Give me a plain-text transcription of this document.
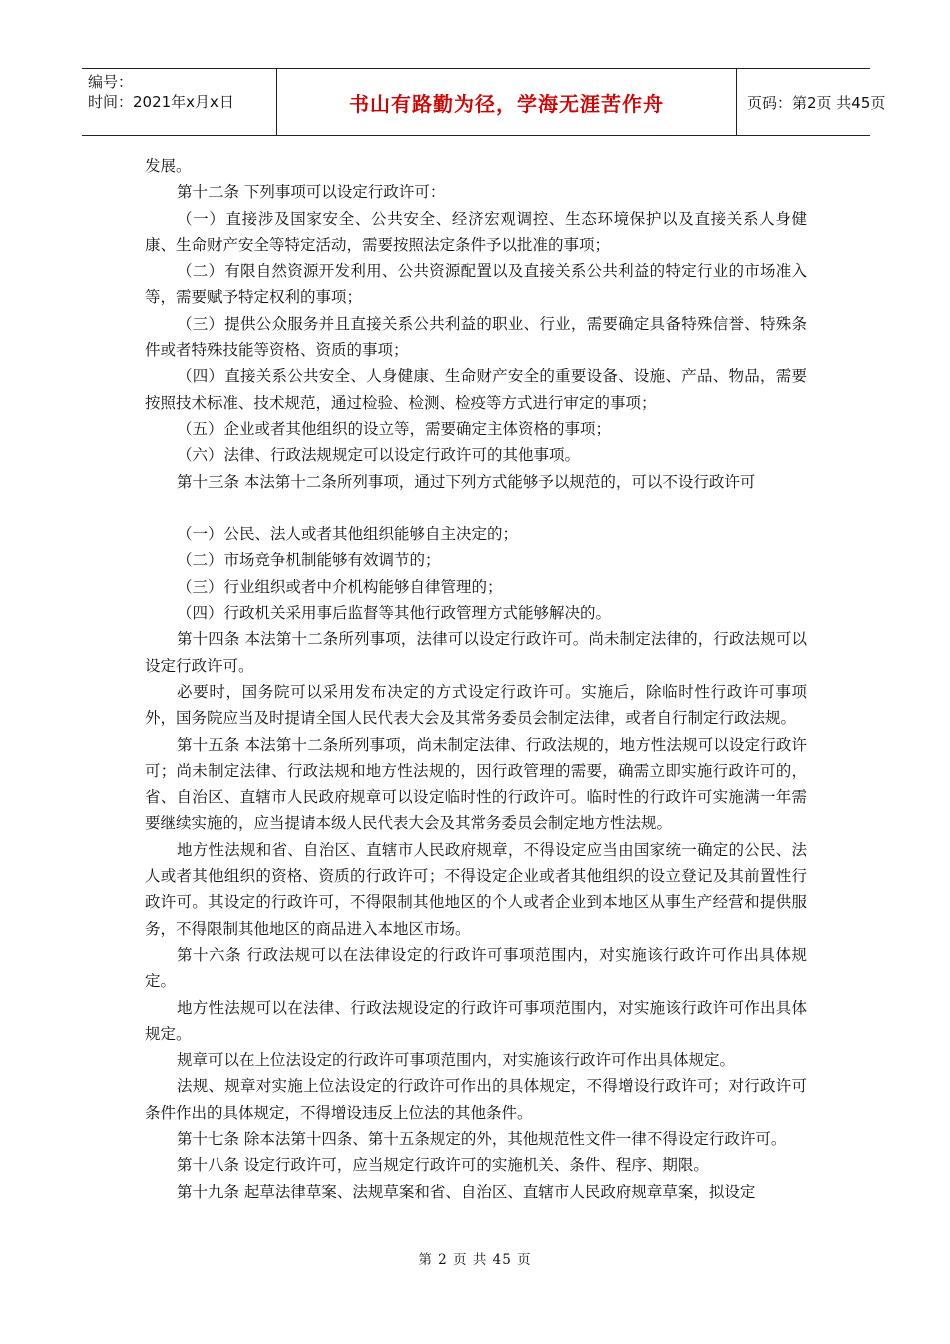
编号：
时间：2021年x月x日	书山有路勤为径，学海无涯苦作舟	页码：第2页 共45页

发展。

第十二条 下列事项可以设定行政许可：

（一）直接涉及国家安全、公共安全、经济宏观调控、生态环境保护以及直接关系人身健康、生命财产安全等特定活动，需要按照法定条件予以批准的事项；

（二）有限自然资源开发利用、公共资源配置以及直接关系公共利益的特定行业的市场准入等，需要赋予特定权利的事项；

（三）提供公众服务并且直接关系公共利益的职业、行业，需要确定具备特殊信誉、特殊条件或者特殊技能等资格、资质的事项；

（四）直接关系公共安全、人身健康、生命财产安全的重要设备、设施、产品、物品，需要按照技术标准、技术规范，通过检验、检测、检疫等方式进行审定的事项；

（五）企业或者其他组织的设立等，需要确定主体资格的事项；

（六）法律、行政法规规定可以设定行政许可的其他事项。

第十三条 本法第十二条所列事项，通过下列方式能够予以规范的，可以不设行政许可

（一）公民、法人或者其他组织能够自主决定的；

（二）市场竞争机制能够有效调节的；

（三）行业组织或者中介机构能够自律管理的；

（四）行政机关采用事后监督等其他行政管理方式能够解决的。

第十四条 本法第十二条所列事项，法律可以设定行政许可。尚未制定法律的，行政法规可以设定行政许可。

必要时，国务院可以采用发布决定的方式设定行政许可。实施后，除临时性行政许可事项外，国务院应当及时提请全国人民代表大会及其常务委员会制定法律，或者自行制定行政法规。

第十五条 本法第十二条所列事项，尚未制定法律、行政法规的，地方性法规可以设定行政许可；尚未制定法律、行政法规和地方性法规的，因行政管理的需要，确需立即实施行政许可的，省、自治区、直辖市人民政府规章可以设定临时性的行政许可。临时性的行政许可实施满一年需要继续实施的，应当提请本级人民代表大会及其常务委员会制定地方性法规。

地方性法规和省、自治区、直辖市人民政府规章，不得设定应当由国家统一确定的公民、法人或者其他组织的资格、资质的行政许可；不得设定企业或者其他组织的设立登记及其前置性行政许可。其设定的行政许可，不得限制其他地区的个人或者企业到本地区从事生产经营和提供服务，不得限制其他地区的商品进入本地区市场。

第十六条 行政法规可以在法律设定的行政许可事项范围内，对实施该行政许可作出具体规定。

地方性法规可以在法律、行政法规设定的行政许可事项范围内，对实施该行政许可作出具体规定。

规章可以在上位法设定的行政许可事项范围内，对实施该行政许可作出具体规定。

法规、规章对实施上位法设定的行政许可作出的具体规定，不得增设行政许可；对行政许可条件作出的具体规定，不得增设违反上位法的其他条件。

第十七条 除本法第十四条、第十五条规定的外，其他规范性文件一律不得设定行政许可。

第十八条 设定行政许可，应当规定行政许可的实施机关、条件、程序、期限。

第十九条 起草法律草案、法规草案和省、自治区、直辖市人民政府规章草案，拟设定

第 2 页 共 45 页
